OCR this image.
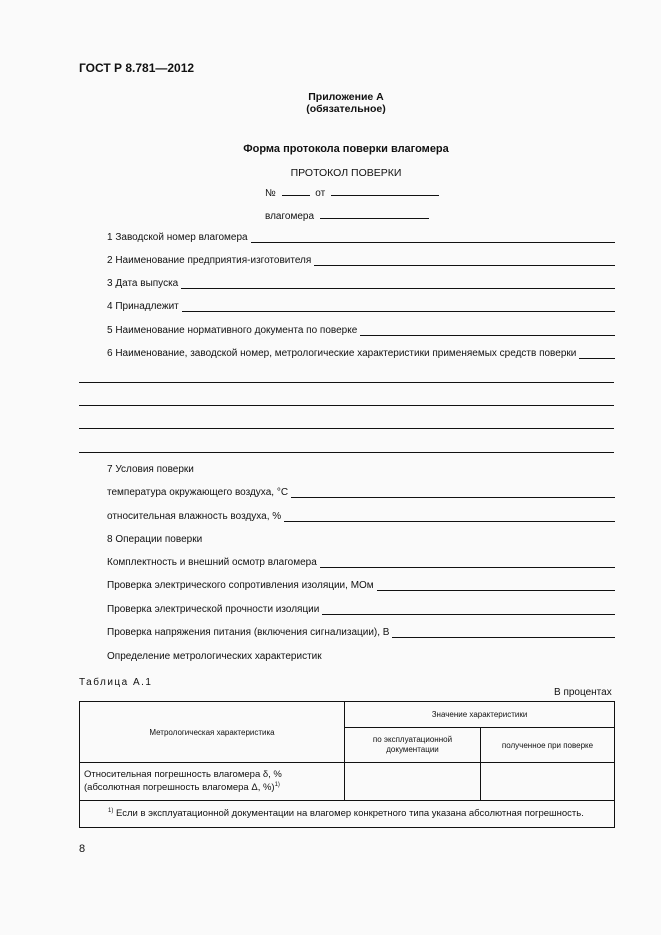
ГОСТ Р 8.781—2012
Приложение А
(обязательное)
Форма протокола поверки влагомера
ПРОТОКОЛ ПОВЕРКИ
№	от
влагомера
1 Заводской номер влагомера
2 Наименование предприятия-изготовителя
3 Дата выпуска
4 Принадлежит
5 Наименование нормативного документа по поверке
6 Наименование, заводской номер, метрологические характеристики применяемых средств поверки
7 Условия поверки
температура окружающего воздуха, °С
относительная влажность воздуха, %
8 Операции поверки
Комплектность и внешний осмотр влагомера
Проверка электрического сопротивления изоляции, МОм
Проверка электрической прочности изоляции
Проверка напряжения питания (включения сигнализации), В
Определение метрологических характеристик
Таблица А.1
В процентах
Метрологическая характеристика	Значение характеристики	
	по эксплуатационной документации	полученное при поверке
Относительная погрешность влагомера δ, %
(абсолютная погрешность влагомера Δ, %)$^{1)}$		
$^{1)}$ Если в эксплуатационной документации на влагомер конкретного типа указана абсолютная погрешность.		
8
